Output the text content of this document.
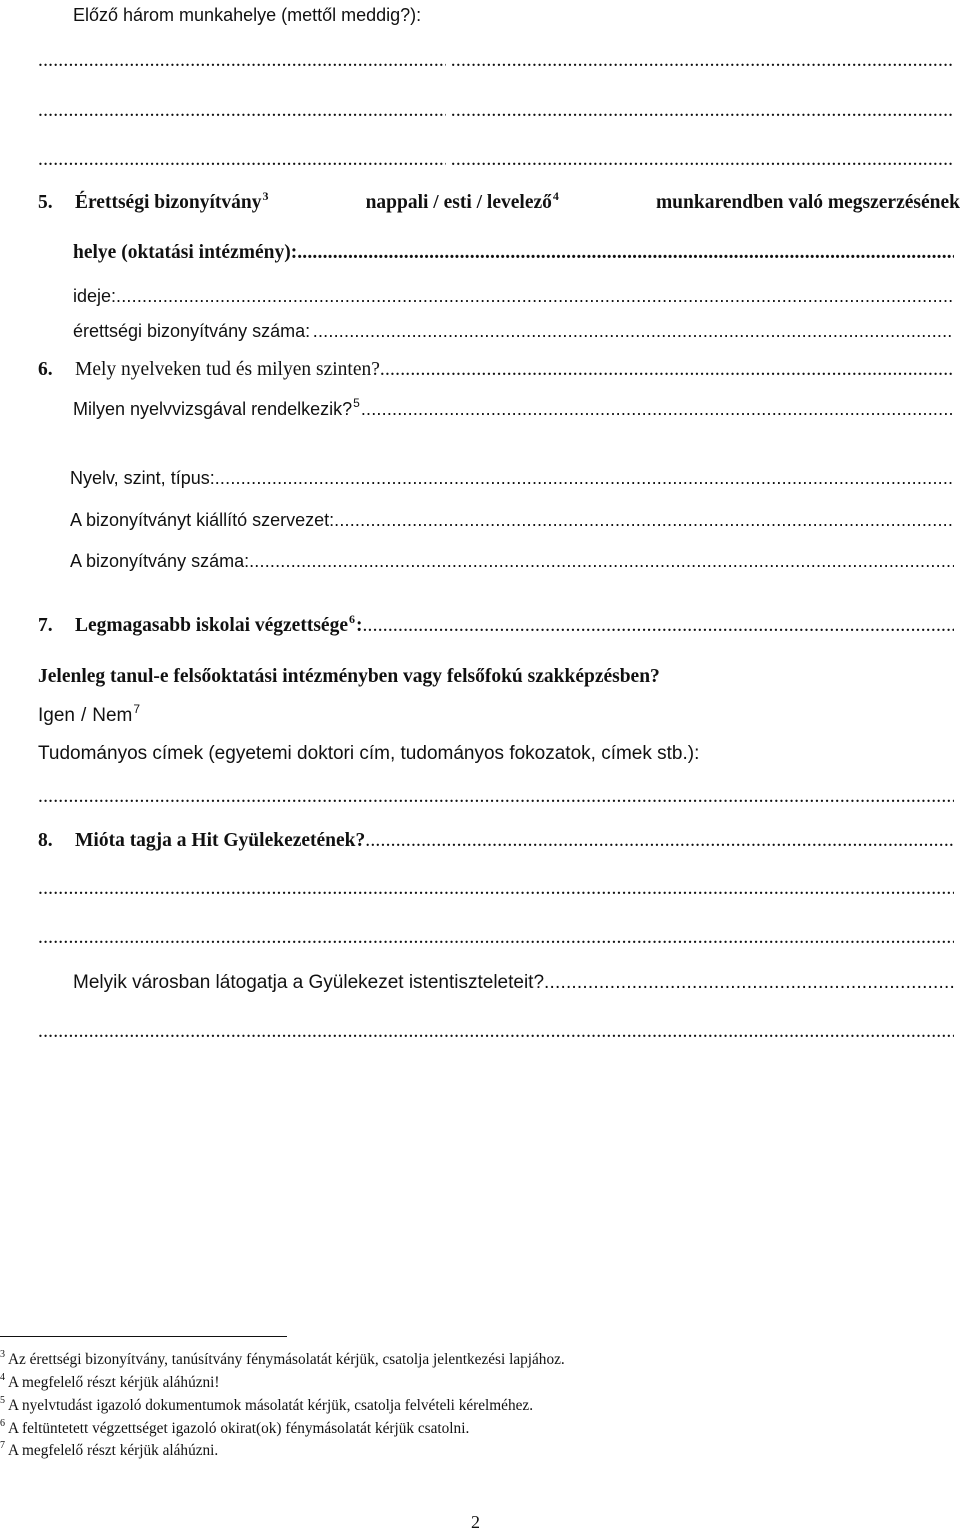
Előző három munkahelye (mettől meddig?):
.....
.....
.....
.....
.....
.....
5.	Érettségi bizonyítvány 3	nappali / esti / levelező 4	munkarendben való megszerzésének
helye (oktatási intézmény):
.....
ideje:
.....
érettségi bizonyítvány száma:
.....
6.	Mely nyelveken tud és milyen szinten?
.....
Milyen nyelvvizsgával rendelkezik? 5
.....
Nyelv, szint, típus:
.....
A bizonyítványt kiállító szervezet:
.....
A bizonyítvány száma:
.....
7.	Legmagasabb iskolai végzettsége 6 :
.....
Jelenleg tanul-e felsőoktatási intézményben vagy felsőfokú szakképzésben?
Igen / Nem 7
Tudományos címek (egyetemi doktori cím, tudományos fokozatok, címek stb.):
.....
8.	Mióta tagja a Hit Gyülekezetének?
.....
.....
.....
Melyik városban látogatja a Gyülekezet istentiszteleteit?
.....
.....
$^3$ Az érettségi bizonyítvány, tanúsítvány fénymásolatát kérjük, csatolja jelentkezési lapjához.
$^4$ A megfelelő részt kérjük aláhúzni!
$^5$ A nyelvtudást igazoló dokumentumok másolatát kérjük, csatolja felvételi kérelméhez.
$^6$ A feltüntetett végzettséget igazoló okirat(ok) fénymásolatát kérjük csatolni.
$^7$ A megfelelő részt kérjük aláhúzni.
2
